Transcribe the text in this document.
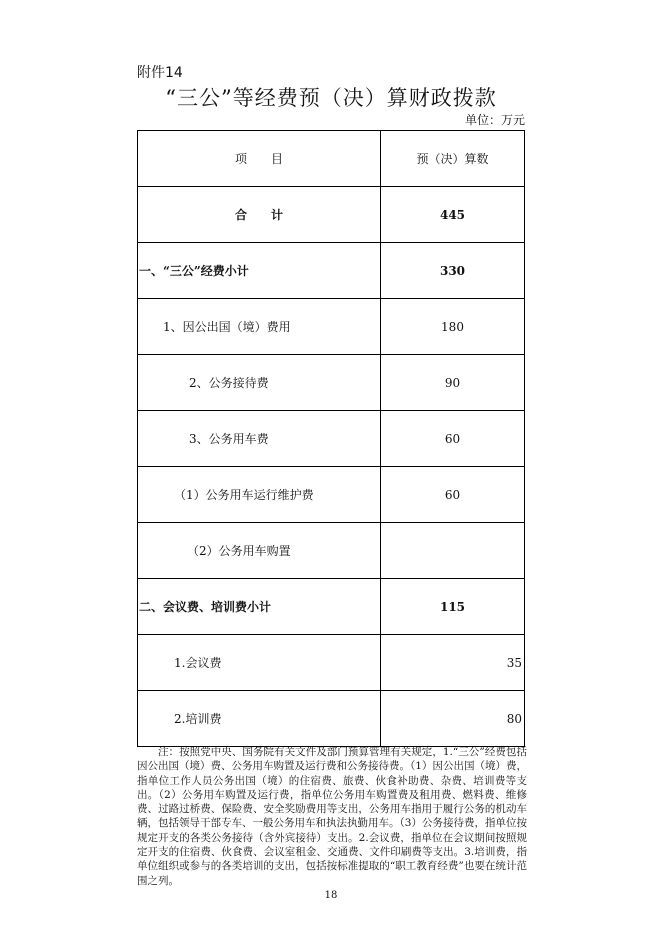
附件14
“三公”等经费预（决）算财政拨款
单位：万元
项　　目	预（决）算数
合　　计	445
一、“三公”经费小计	330
1、因公出国（境）费用	180
2、公务接待费	90
3、公务用车费	60
（1）公务用车运行维护费	60
（2）公务用车购置	
二、会议费、培训费小计	115
1.会议费	35
2.培训费	80
注：按照党中央、国务院有关文件及部门预算管理有关规定，1.“三公”经费包括因公出国（境）费、公务用车购置及运行费和公务接待费。（1）因公出国（境）费，指单位工作人员公务出国（境）的住宿费、旅费、伙食补助费、杂费、培训费等支出。（2）公务用车购置及运行费，指单位公务用车购置费及租用费、燃料费、维修费、过路过桥费、保险费、安全奖励费用等支出，公务用车指用于履行公务的机动车辆，包括领导干部专车、一般公务用车和执法执勤用车。（3）公务接待费，指单位按规定开支的各类公务接待（含外宾接待）支出。2.会议费，指单位在会议期间按照规定开支的住宿费、伙食费、会议室租金、交通费、文件印刷费等支出。3.培训费，指单位组织或参与的各类培训的支出，包括按标准提取的“职工教育经费”也要在统计范围之列。
18
